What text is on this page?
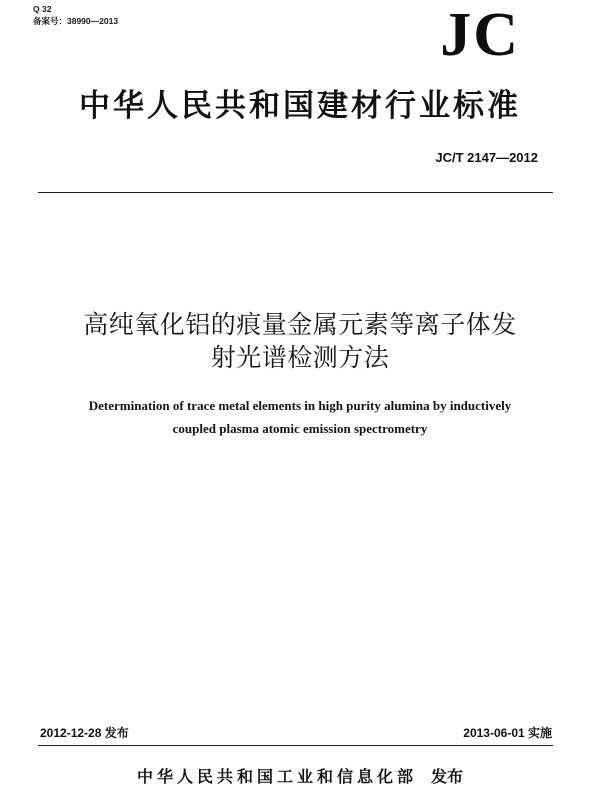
Q 32
备案号：38990—2013	JC
中华人民共和国建材行业标准
JC/T 2147—2012
高纯氧化铝的痕量金属元素等离子体发
射光谱检测方法
Determination of trace metal elements in high purity alumina by inductively
coupled plasma atomic emission spectrometry
2012-12-28 发布	2013-06-01 实施
中华人民共和国工业和信息化部 发布
